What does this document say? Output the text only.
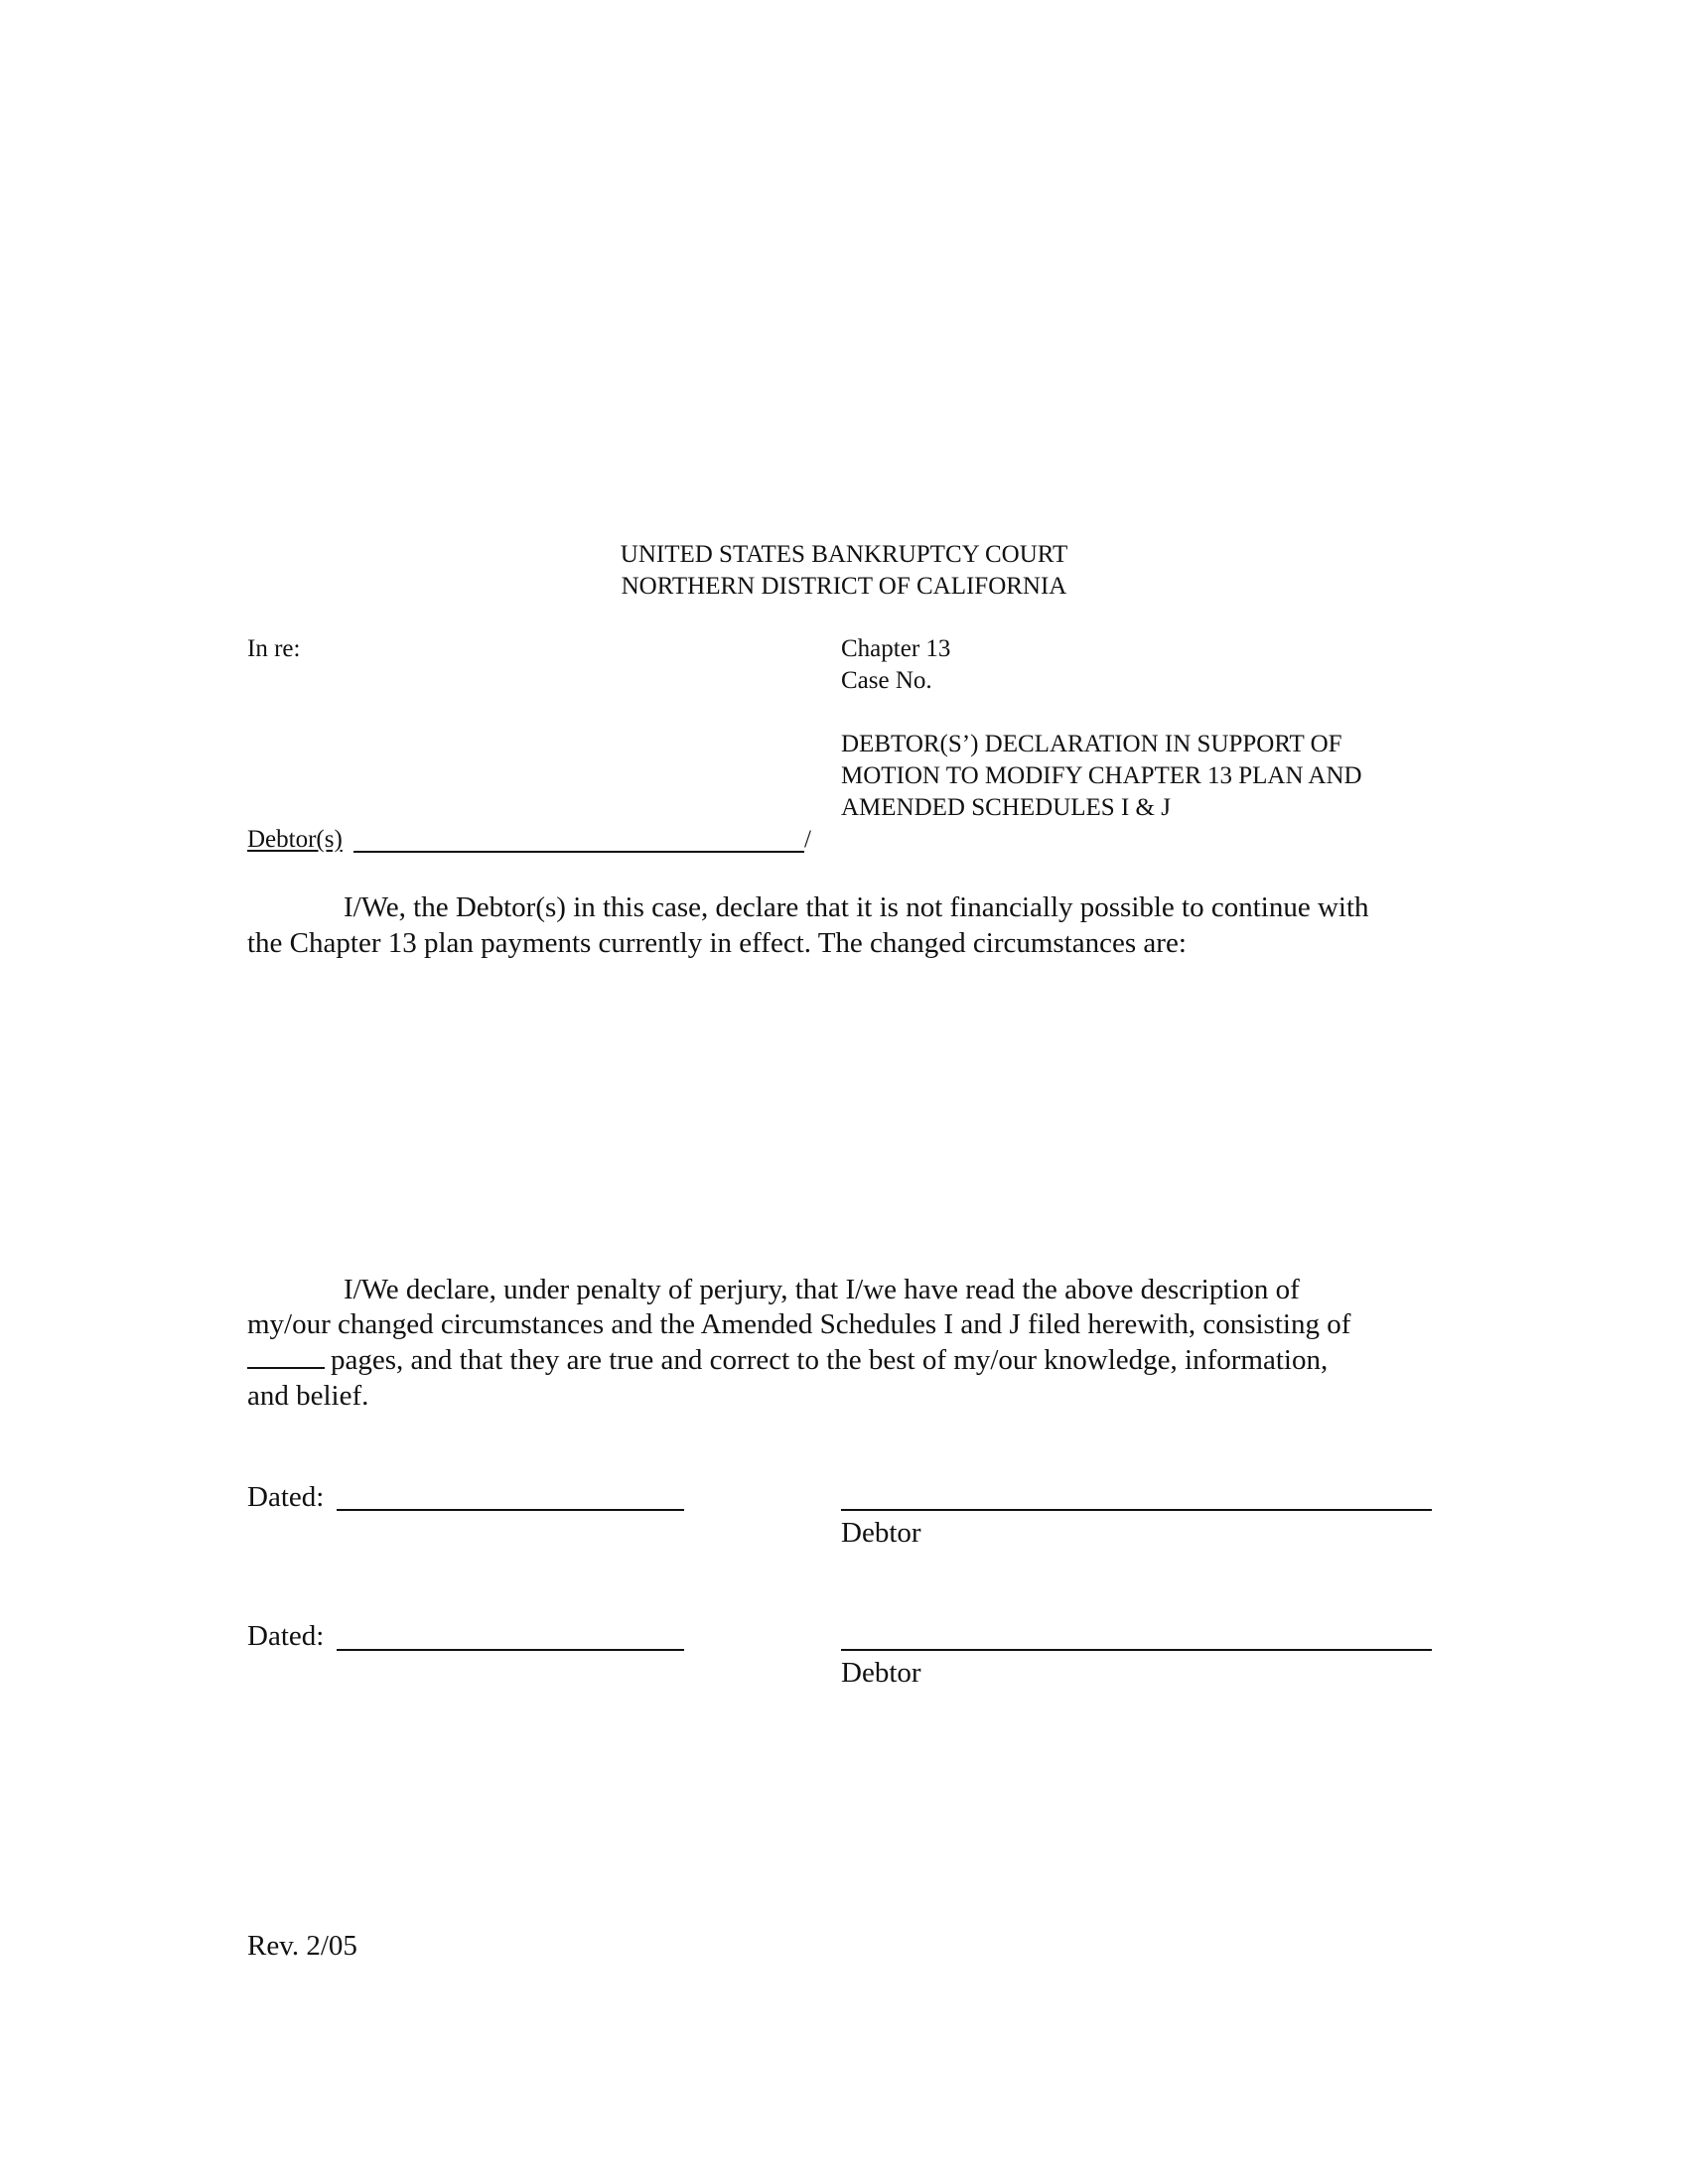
UNITED STATES BANKRUPTCY COURT
NORTHERN DISTRICT OF CALIFORNIA
In re:	Chapter 13
Case No.
DEBTOR(S’) DECLARATION IN SUPPORT OF
MOTION TO MODIFY CHAPTER 13 PLAN AND
AMENDED SCHEDULES I & J
Debtor(s)	/
I/We, the Debtor(s) in this case, declare that it is not financially possible to continue with
the Chapter 13 plan payments currently in effect. The changed circumstances are:
I/We declare, under penalty of perjury, that I/we have read the above description of
my/our changed circumstances and the Amended Schedules I and J filed herewith, consisting of
pages, and that they are true and correct to the best of my/our knowledge, information,
and belief.
Dated:
Debtor
Dated:
Debtor
Rev. 2/05
